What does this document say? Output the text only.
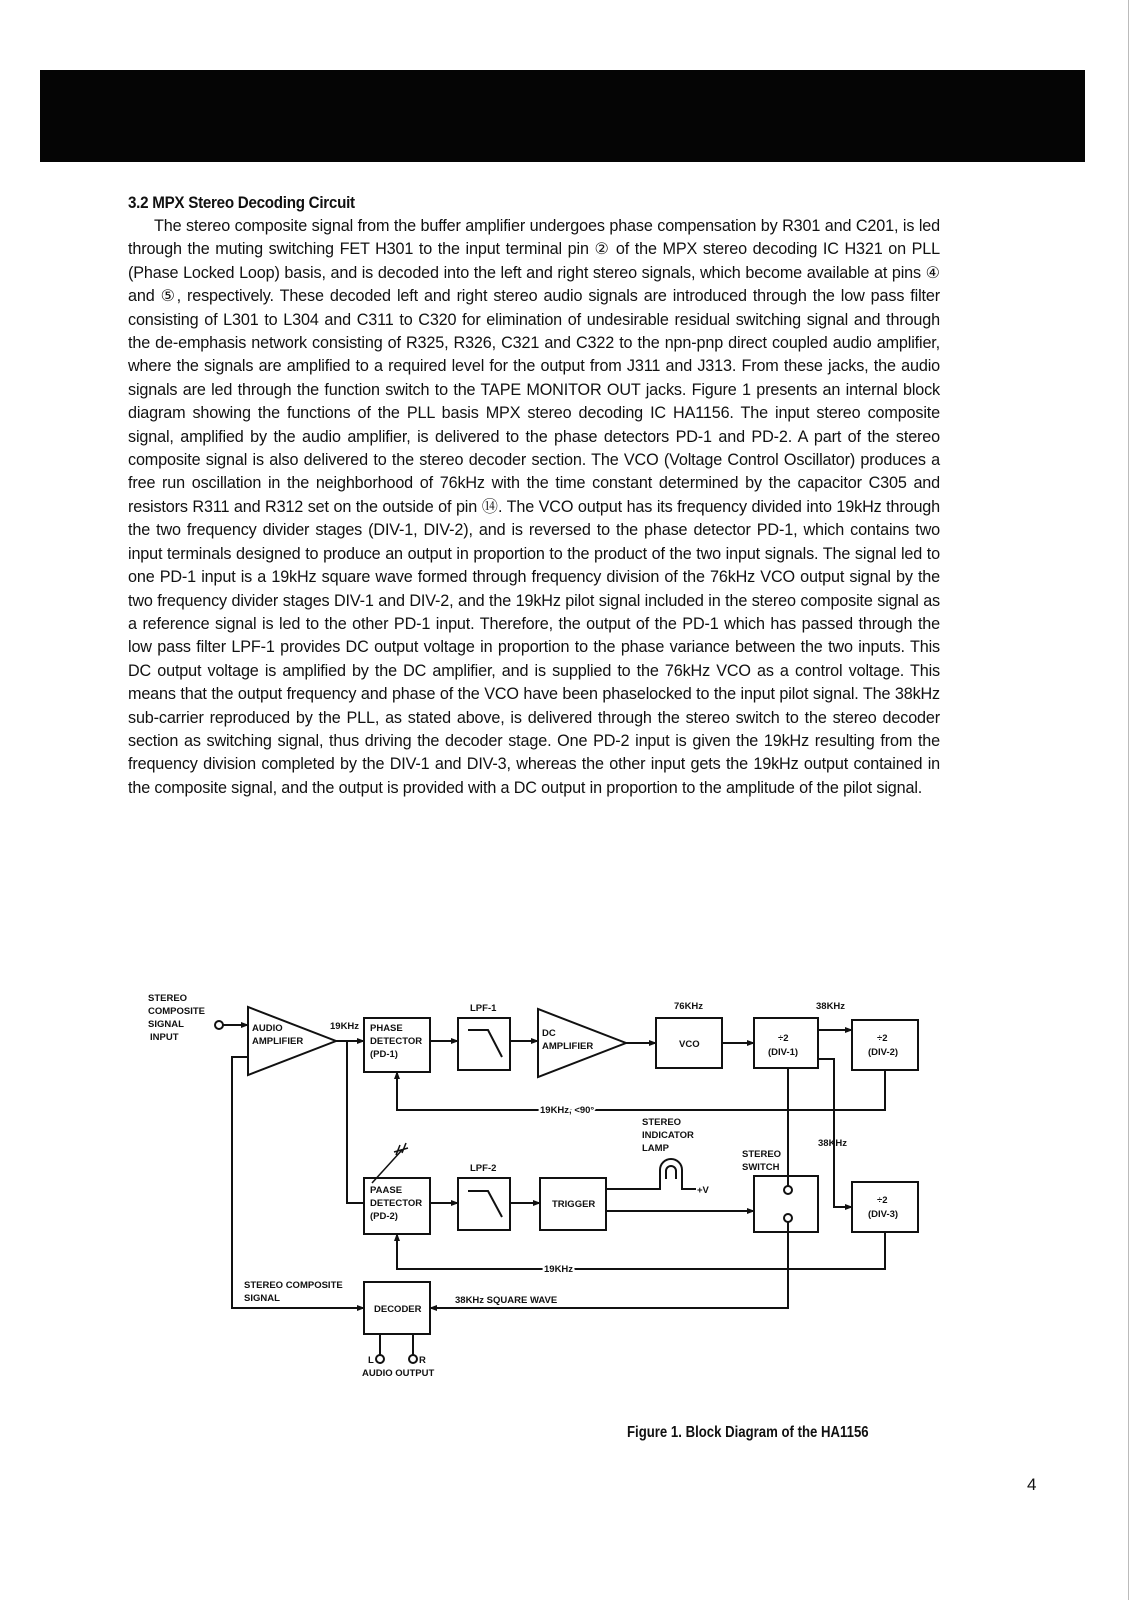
3.2 MPX Stereo Decoding Circuit

The stereo composite signal from the buffer amplifier undergoes phase compensation by R301 and C201, is led through the muting switching FET H301 to the input terminal pin ② of the MPX stereo decoding IC H321 on PLL (Phase Locked Loop) basis, and is decoded into the left and right stereo signals, which become available at pins ④ and ⑤, respectively. These decoded left and right stereo audio signals are introduced through the low pass filter consisting of L301 to L304 and C311 to C320 for elimination of undesirable residual switching signal and through the de-emphasis network consisting of R325, R326, C321 and C322 to the npn-pnp direct coupled audio amplifier, where the signals are amplified to a required level for the output from J311 and J313. From these jacks, the audio signals are led through the function switch to the TAPE MONITOR OUT jacks. Figure 1 presents an internal block diagram showing the functions of the PLL basis MPX stereo decoding IC HA1156. The input stereo composite signal, amplified by the audio amplifier, is delivered to the phase detectors PD-1 and PD-2. A part of the stereo composite signal is also delivered to the stereo decoder section. The VCO (Voltage Control Oscillator) produces a free run oscillation in the neighborhood of 76kHz with the time constant determined by the capacitor C305 and resistors R311 and R312 set on the outside of pin ⑭. The VCO output has its frequency divided into 19kHz through the two frequency divider stages (DIV-1, DIV-2), and is reversed to the phase detector PD-1, which contains two input terminals designed to produce an output in proportion to the product of the two input signals. The signal led to one PD-1 input is a 19kHz square wave formed through frequency division of the 76kHz VCO output signal by the two frequency divider stages DIV-1 and DIV-2, and the 19kHz pilot signal included in the stereo composite signal as a reference signal is led to the other PD-1 input. Therefore, the output of the PD-1 which has passed through the low pass filter LPF-1 provides DC output voltage in proportion to the phase variance between the two inputs. This DC output voltage is amplified by the DC amplifier, and is supplied to the 76kHz VCO as a control voltage. This means that the output frequency and phase of the VCO have been phaselocked to the input pilot signal. The 38kHz sub-carrier reproduced by the PLL, as stated above, is delivered through the stereo switch to the stereo decoder section as switching signal, thus driving the decoder stage. One PD-2 input is given the 19kHz resulting from the frequency division completed by the DIV-1 and DIV-3, whereas the other input gets the 19kHz output contained in the composite signal, and the output is provided with a DC output in proportion to the amplitude of the pilot signal.

STEREO
COMPOSITE
SIGNAL
INPUT
AUDIO
AMPLIFIER
19KHz PHASE
DETECTOR
(PD-1)
LPF-1
DC
AMPLIFIER
76KHz
VCO
38KHz
÷2
(DIV-1)
÷2
(DIV-2)
19KHz, <90°
STEREO
INDICATOR
LAMP
+V
38KHz
STEREO
SWITCH
PAASE
DETECTOR
(PD-2)
LPF-2
TRIGGER	÷2
(DIV-3)
19KHz
STEREO COMPOSITE
SIGNAL	38KHz SQUARE WAVE
DECODER
L	R
AUDIO OUTPUT
Figure 1. Block Diagram of the HA1156
4
